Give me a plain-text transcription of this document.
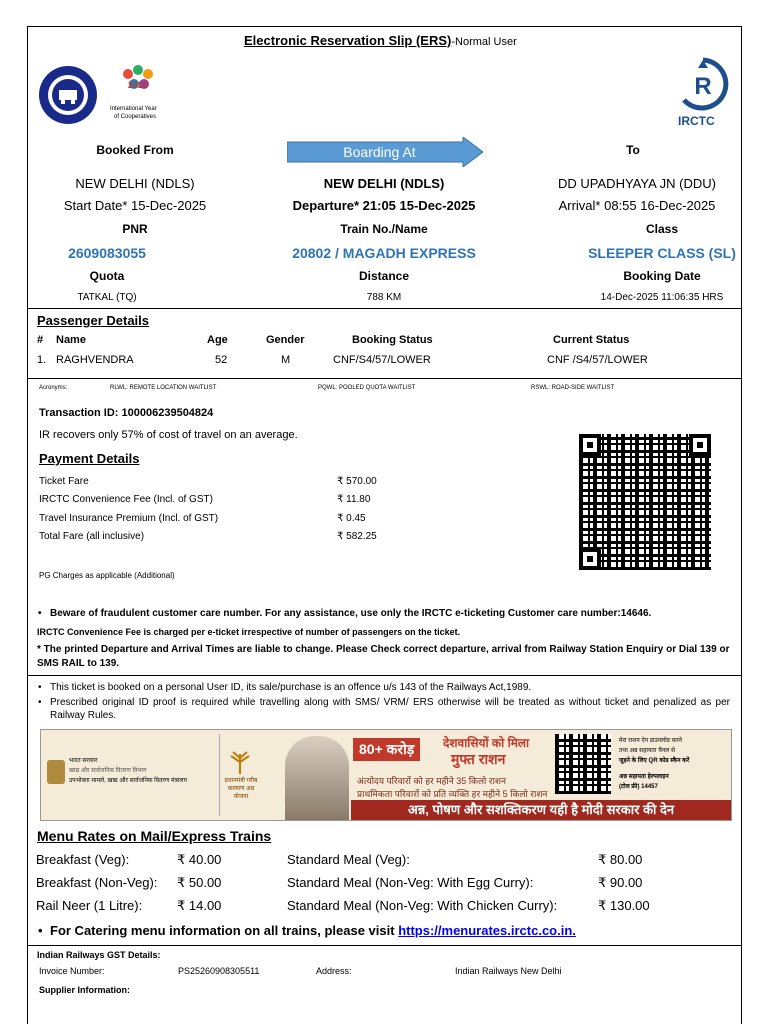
Electronic Reservation Slip (ERS)-Normal User
2025
International Year
of Cooperatives
R
IRCTC
Booked From	Boarding At	To
NEW DELHI (NDLS)	NEW DELHI (NDLS)	DD UPADHYAYA JN (DDU)
Start Date* 15-Dec-2025	Departure* 21:05 15-Dec-2025	Arrival* 08:55 16-Dec-2025
PNR	Train No./Name	Class
2609083055	20802 / MAGADH EXPRESS	SLEEPER CLASS (SL)
Quota	Distance	Booking Date
TATKAL (TQ)	788 KM	14-Dec-2025 11:06:35 HRS
Passenger Details
# Name	Age	Gender	Booking Status	Current Status
1. RAGHVENDRA	52	M	CNF/S4/57/LOWER	CNF /S4/57/LOWER
Acronyms:	RLWL: REMOTE LOCATION WAITLIST	PQWL: POOLED QUOTA WAITLIST	RSWL: ROAD-SIDE WAITLIST
Transaction ID: 100006239504824
IR recovers only 57% of cost of travel on an average.
Payment Details
Ticket Fare	₹ 570.00
IRCTC Convenience Fee (Incl. of GST)	₹ 11.80
Travel Insurance Premium (Incl. of GST)	₹ 0.45
Total Fare (all inclusive)	₹ 582.25
PG Charges as applicable (Additional)
• Beware of fraudulent customer care number. For any assistance, use only the IRCTC e-ticketing Customer care number:14646.
IRCTC Convenience Fee is charged per e-ticket irrespective of number of passengers on the ticket.
* The printed Departure and Arrival Times are liable to change. Please Check correct departure, arrival from Railway Station Enquiry or Dial 139 or SMS RAIL to 139.
• This ticket is booked on a personal User ID, its sale/purchase is an offence u/s 143 of the Railways Act,1989.
• Prescribed original ID proof is required while travelling along with SMS/ VRM/ ERS otherwise will be treated as without ticket and penalized as per Railway Rules.
भारत सरकार
खाद्य और सार्वजनिक वितरण विभाग
उपभोक्ता मामले, खाद्य और सार्वजनिक वितरण मंत्रालय	प्रधानमंत्री गरीब कल्याण अन्न योजना
80+ करोड़	देशवासियों को मिला
मुफ्त राशन
अंत्योदय परिवारों को हर महीने 35 किलो राशन
प्राथमिकता परिवारों को प्रति व्यक्ति हर महीने 5 किलो राशन
मेरा राशन ऐप डाउनलोड करने
तथा अन्न सहायता चैनल से
जुड़ने के लिए QR कोड स्कैन करें
अन्न सहायता हेल्पलाइन
(टोल फ्री) 14457
अन्न, पोषण और सशक्तिकरण यही है मोदी सरकार की देन
Menu Rates on Mail/Express Trains
Breakfast (Veg):	₹ 40.00	Standard Meal (Veg):	₹ 80.00
Breakfast (Non-Veg): ₹ 50.00	Standard Meal (Non-Veg: With Egg Curry):	₹ 90.00
Rail Neer (1 Litre):	₹ 14.00	Standard Meal (Non-Veg: With Chicken Curry):	₹ 130.00
• For Catering menu information on all trains, please visit https://menurates.irctc.co.in.
Indian Railways GST Details:
Invoice Number:	PS25260908305511	Address:	Indian Railways New Delhi
Supplier Information:
